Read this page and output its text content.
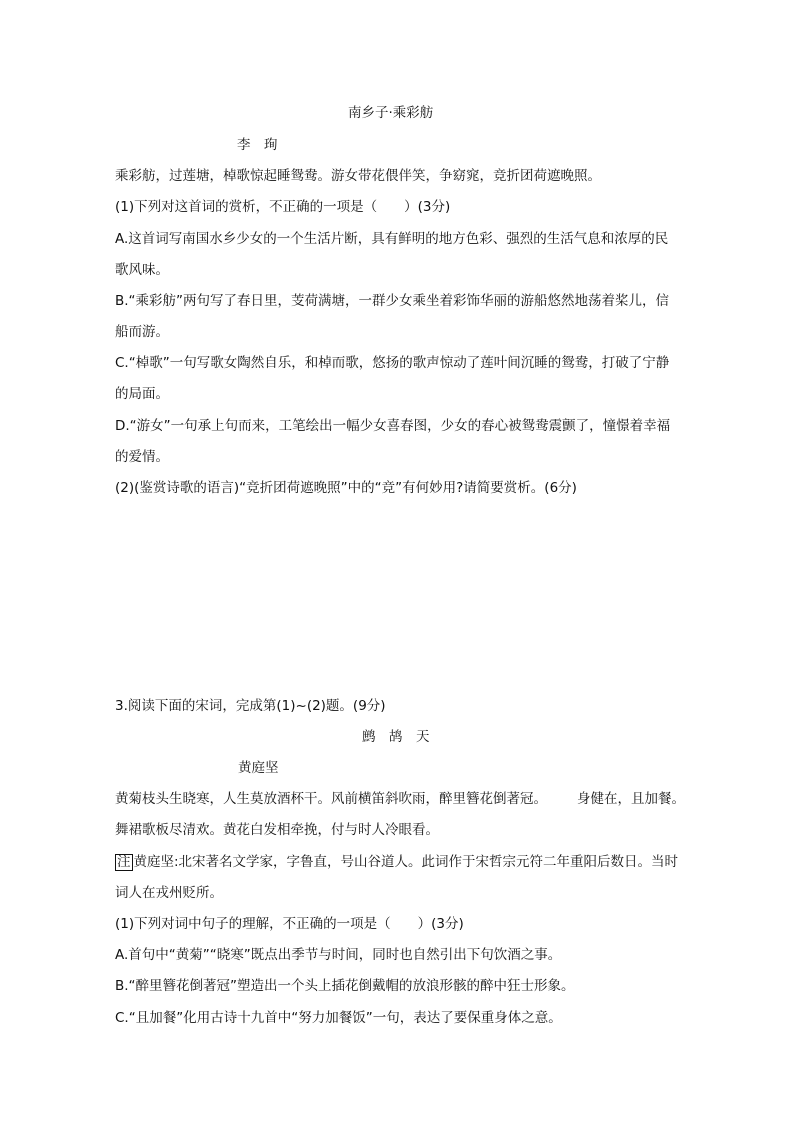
南乡子·乘彩舫
李　珣
乘彩舫，过莲塘，棹歌惊起睡鸳鸯。游女带花偎伴笑，争窈窕，竞折团荷遮晚照。
(1)下列对这首词的赏析，不正确的一项是（　　）(3分)
A.这首词写南国水乡少女的一个生活片断，具有鲜明的地方色彩、强烈的生活气息和浓厚的民
歌风味。
B.“乘彩舫”两句写了春日里，芰荷满塘，一群少女乘坐着彩饰华丽的游船悠然地荡着桨儿，信
船而游。
C.“棹歌”一句写歌女陶然自乐，和棹而歌，悠扬的歌声惊动了莲叶间沉睡的鸳鸯，打破了宁静
的局面。
D.“游女”一句承上句而来，工笔绘出一幅少女喜春图，少女的春心被鸳鸯震颤了，憧憬着幸福
的爱情。
(2)(鉴赏诗歌的语言)“竞折团荷遮晚照”中的“竞”有何妙用?请简要赏析。(6分)
3.阅读下面的宋词，完成第(1)~(2)题。(9分)
鹧　鸪　天
黄庭坚
黄菊枝头生晓寒，人生莫放酒杯干。风前横笛斜吹雨，醉里簪花倒著冠。 身健在，且加餐。
舞裙歌板尽清欢。黄花白发相牵挽，付与时人冷眼看。
注 黄庭坚:北宋著名文学家，字鲁直，号山谷道人。此词作于宋哲宗元符二年重阳后数日。当时
词人在戎州贬所。
(1)下列对词中句子的理解，不正确的一项是（　　）(3分)
A.首句中“黄菊”“晓寒”既点出季节与时间，同时也自然引出下句饮酒之事。
B.“醉里簪花倒著冠”塑造出一个头上插花倒戴帽的放浪形骸的醉中狂士形象。
C.“且加餐”化用古诗十九首中“努力加餐饭”一句，表达了要保重身体之意。
